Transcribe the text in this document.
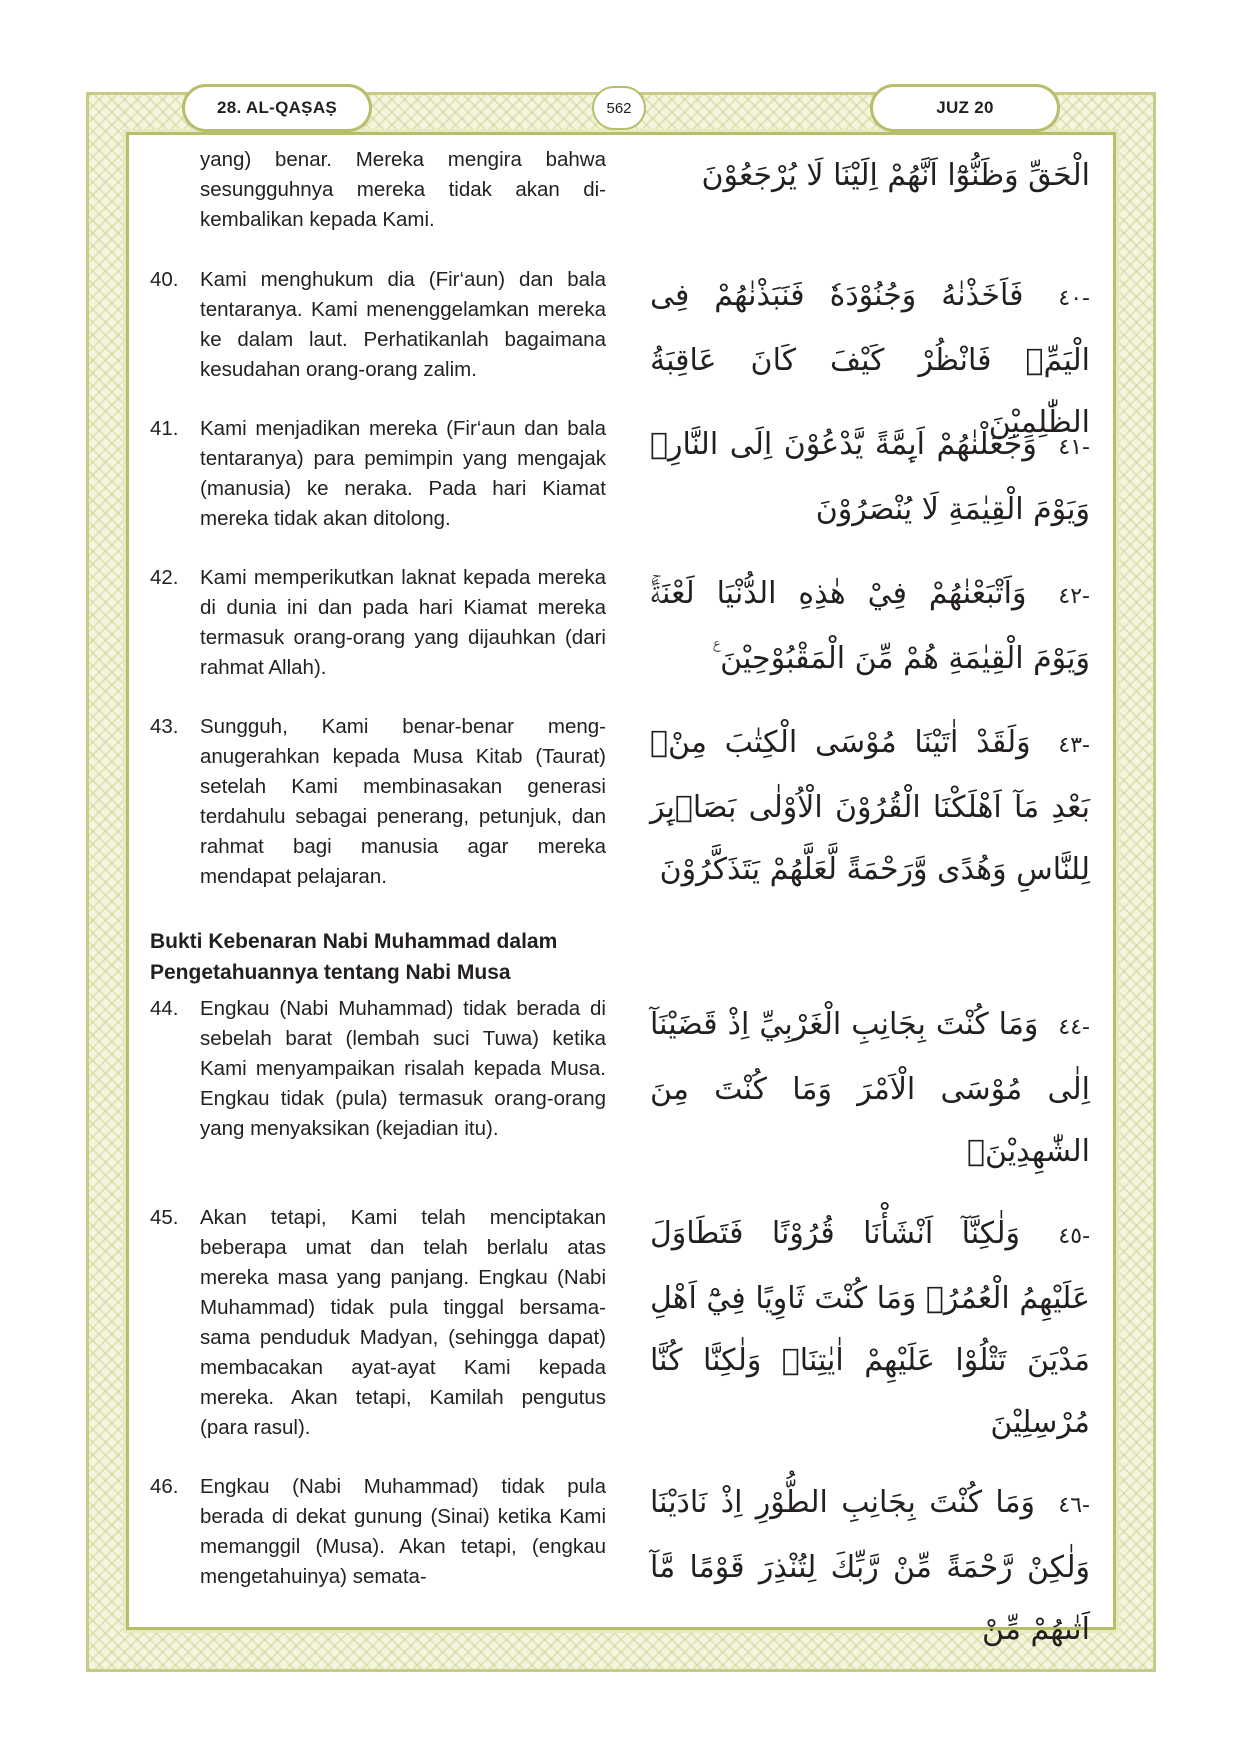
28. AL-QAṢAṢ	562	JUZ 20
yang) benar. Mereka mengira bahwa sesungguhnya mereka tidak akan dikembalikan kepada Kami.
الْحَقِّ وَظَنُّوْٓا اَنَّهُمْ اِلَيْنَا لَا يُرْجَعُوْنَ
40.	Kami menghukum dia (Fir‘aun) dan bala tentaranya. Kami menenggelamkan mereka ke dalam laut. Perhatikanlah bagaimana kesudahan orang-orang zalim.
-٤٠ فَاَخَذْنٰهُ وَجُنُوْدَهٗ فَنَبَذْنٰهُمْ فِى الْيَمِّۚ فَانْظُرْ كَيْفَ كَانَ عَاقِبَةُ الظّٰلِمِيْنَ
41.	Kami menjadikan mereka (Fir‘aun dan bala tentaranya) para pemimpin yang mengajak (manusia) ke neraka. Pada hari Kiamat mereka tidak akan ditolong.
-٤١ وَجَعَلْنٰهُمْ اَىِٕمَّةً يَّدْعُوْنَ اِلَى النَّارِۚ وَيَوْمَ الْقِيٰمَةِ لَا يُنْصَرُوْنَ
42.	Kami memperikutkan laknat kepada mereka di dunia ini dan pada hari Kiamat mereka termasuk orang-orang yang dijauhkan (dari rahmat Allah).
-٤٢ وَاَتْبَعْنٰهُمْ فِيْ هٰذِهِ الدُّنْيَا لَعْنَةًۚ وَيَوْمَ الْقِيٰمَةِ هُمْ مِّنَ الْمَقْبُوْحِيْنَ ࣖ
43.	Sungguh, Kami benar-benar menganugerahkan kepada Musa Kitab (Taurat) setelah Kami membinasakan generasi terdahulu sebagai penerang, petunjuk, dan rahmat bagi manusia agar mereka mendapat pelajaran.
-٤٣ وَلَقَدْ اٰتَيْنَا مُوْسَى الْكِتٰبَ مِنْۢ بَعْدِ مَآ اَهْلَكْنَا الْقُرُوْنَ الْاُوْلٰى بَصَاۤىِٕرَ لِلنَّاسِ وَهُدًى وَّرَحْمَةً لَّعَلَّهُمْ يَتَذَكَّرُوْنَ
Bukti Kebenaran Nabi Muhammad dalam Pengetahuannya tentang Nabi Musa
44.	Engkau (Nabi Muhammad) tidak berada di sebelah barat (lembah suci Tuwa) ketika Kami menyampaikan risalah kepada Musa. Engkau tidak (pula) termasuk orang-orang yang menyaksikan (kejadian itu).
-٤٤ وَمَا كُنْتَ بِجَانِبِ الْغَرْبِيِّ اِذْ قَضَيْنَآ اِلٰى مُوْسَى الْاَمْرَ وَمَا كُنْتَ مِنَ الشّٰهِدِيْنَۙ
45.	Akan tetapi, Kami telah menciptakan beberapa umat dan telah berlalu atas mereka masa yang panjang. Engkau (Nabi Muhammad) tidak pula tinggal bersama-sama penduduk Madyan, (sehingga dapat) membacakan ayat-ayat Kami kepada mereka. Akan tetapi, Kamilah pengutus (para rasul).
-٤٥ وَلٰكِنَّآ اَنْشَأْنَا قُرُوْنًا فَتَطَاوَلَ عَلَيْهِمُ الْعُمُرُۚ وَمَا كُنْتَ ثَاوِيًا فِيْٓ اَهْلِ مَدْيَنَ تَتْلُوْا عَلَيْهِمْ اٰيٰتِنَاۙ وَلٰكِنَّا كُنَّا مُرْسِلِيْنَ
46.	Engkau (Nabi Muhammad) tidak pula berada di dekat gunung (Sinai) ketika Kami memanggil (Musa). Akan tetapi, (engkau mengetahuinya) semata-
-٤٦ وَمَا كُنْتَ بِجَانِبِ الطُّوْرِ اِذْ نَادَيْنَا وَلٰكِنْ رَّحْمَةً مِّنْ رَّبِّكَ لِتُنْذِرَ قَوْمًا مَّآ اَتٰىهُمْ مِّنْ
